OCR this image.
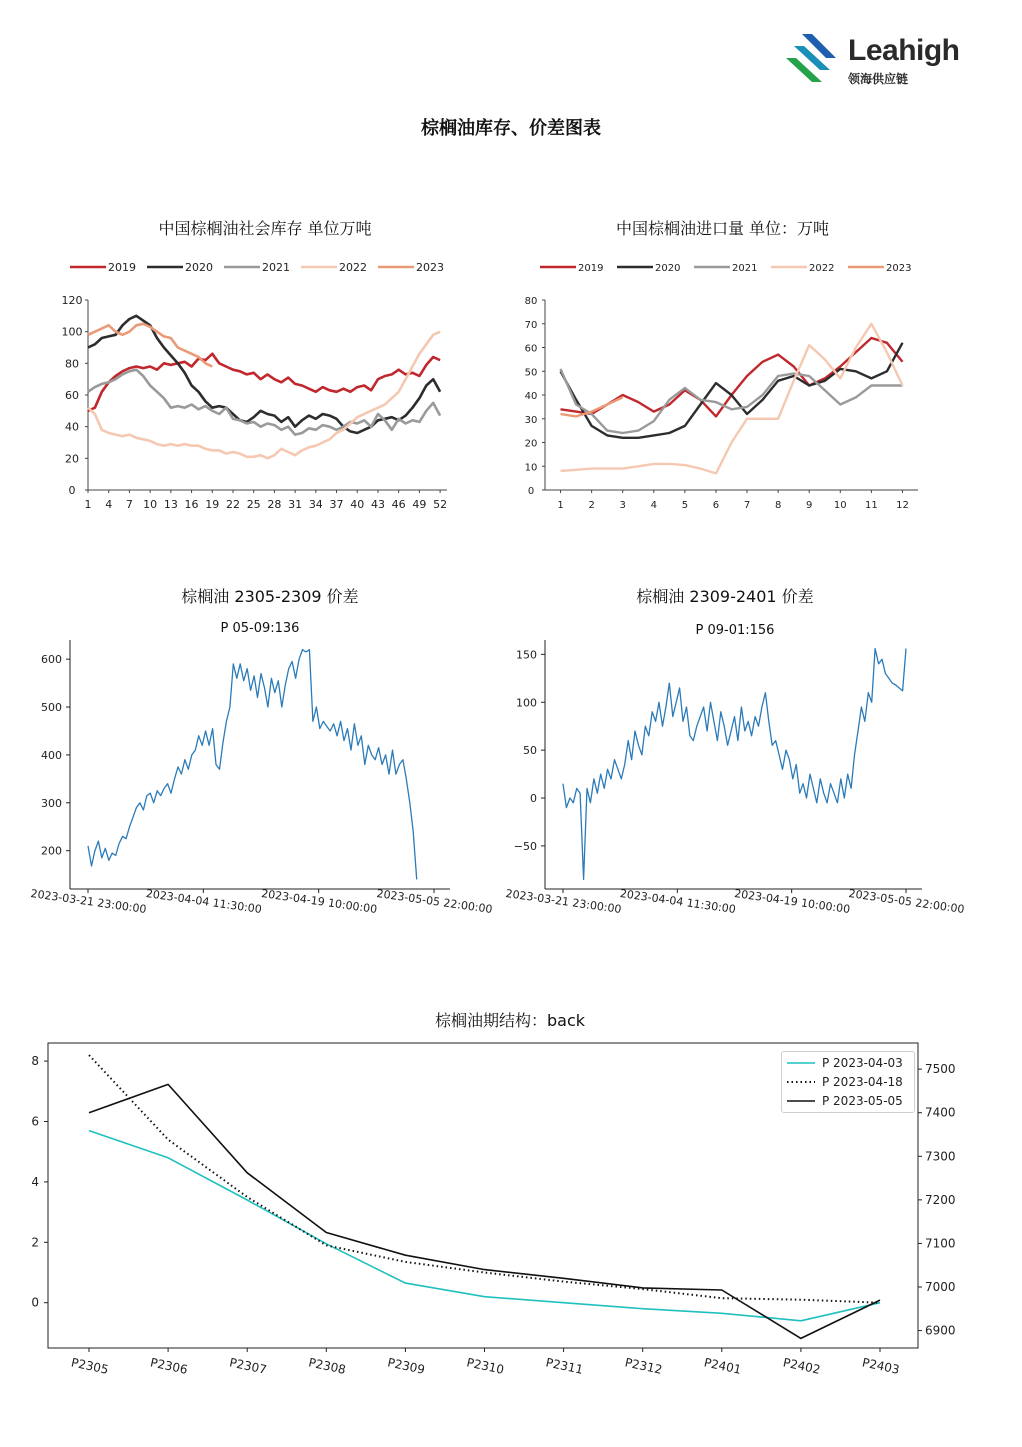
Leahigh
领海供应链
棕榈油库存、价差图表
中国棕榈油社会库存 单位万吨	中国棕榈油进口量 单位：万吨
棕榈油 2305-2309 价差
P 05-09:136
棕榈油 2309-2401 价差
P 09-01:156
棕榈油期结构：back
0
20
40
60
80
100
120
1 4 7 10 13 16 19 22 25 28 31 34 37 40 43 46 49 52
2019	2020	2021	2022	2023
0
10
20
30
40
50
60
70
80
1 2 3 4 5 6 7 8 9 10 11 12
2019	2020	2021	2022	2023
200
300
400
500
600
2023-03-21 23:00:00
2023-04-04 11:30:00
2023-04-19 10:00:00
2023-05-05 22:00:00
−50
0
50
100
150
2023-03-21 23:00:00
2023-04-04 11:30:00
2023-04-19 10:00:00
2023-05-05 22:00:00
0
2
4
6
8
6900
7000
7100
7200
7300
7400
7500
P2305	P2306	P2307	P2308	P2309	P2310	P2311	P2312	P2401	P2402	P2403
P 2023-04-03
P 2023-04-18
P 2023-05-05
